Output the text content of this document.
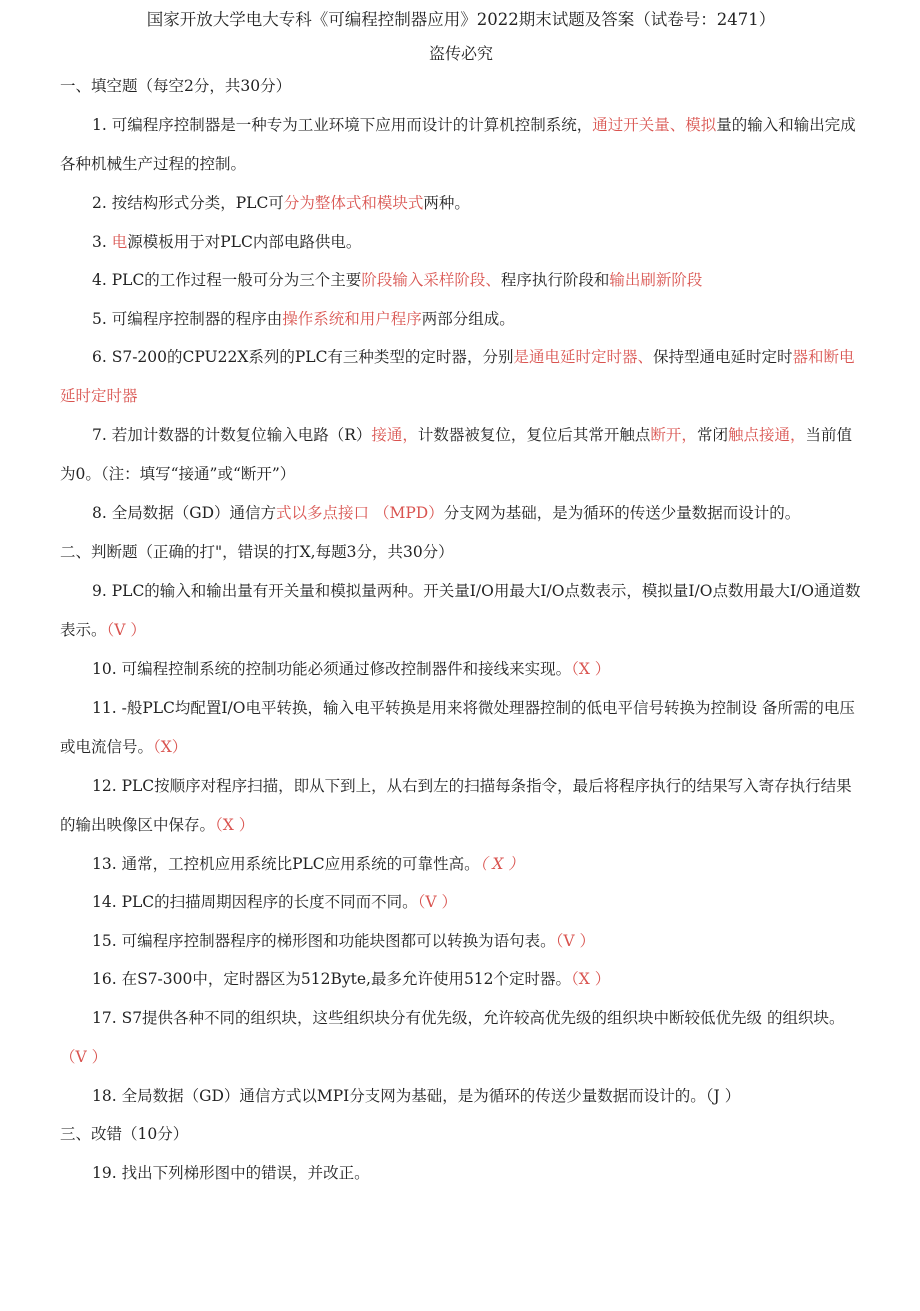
国家开放大学电大专科《可编程控制器应用》2022期末试题及答案（试卷号：2471）

盗传必究

一、填空题（每空2分，共30分）

1. 可编程序控制器是一种专为工业环境下应用而设计的计算机控制系统，通过开关量、模拟量的输入和输出完成各种机械生产过程的控制。

2. 按结构形式分类，PLC可分为整体式和模块式两种。

3. 电源模板用于对PLC内部电路供电。

4. PLC的工作过程一般可分为三个主要阶段输入采样阶段、程序执行阶段和输出刷新阶段

5. 可编程序控制器的程序由操作系统和用户程序两部分组成。

6. S7-200的CPU22X系列的PLC有三种类型的定时器，分别是通电延时定时器、保持型通电延时定时器和断电延时定时器

7. 若加计数器的计数复位输入电路（R）接通，计数器被复位，复位后其常开触点断开，常闭触点接通，当前值为0。（注：填写“接通”或“断开”）

8. 全局数据（GD）通信方式以多点接口 （MPD）分支网为基础，是为循环的传送少量数据而设计的。

二、判断题（正确的打"，错误的打X,每题3分，共30分）

9. PLC的输入和输出量有开关量和模拟量两种。开关量I/O用最大I/O点数表示，模拟量I/O点数用最大I/O通道数表示。（V ）

10. 可编程控制系统的控制功能必须通过修改控制器件和接线来实现。（X ）

11. -般PLC均配置I/O电平转换，输入电平转换是用来将微处理器控制的低电平信号转换为控制设 备所需的电压或电流信号。（X）

12. PLC按顺序对程序扫描，即从下到上，从右到左的扫描每条指令，最后将程序执行的结果写入寄存执行结果的输出映像区中保存。（X ）

13. 通常，工控机应用系统比PLC应用系统的可靠性高。（ X ）

14. PLC的扫描周期因程序的长度不同而不同。（V ）

15. 可编程序控制器程序的梯形图和功能块图都可以转换为语句表。（V ）

16. 在S7-300中，定时器区为512Byte,最多允许使用512个定时器。（X ）

17. S7提供各种不同的组织块，这些组织块分有优先级，允许较高优先级的组织块中断较低优先级 的组织块。（V ）

18. 全局数据（GD）通信方式以MPI分支网为基础，是为循环的传送少量数据而设计的。（J ）

三、改错（10分）

19. 找出下列梯形图中的错误，并改正。
